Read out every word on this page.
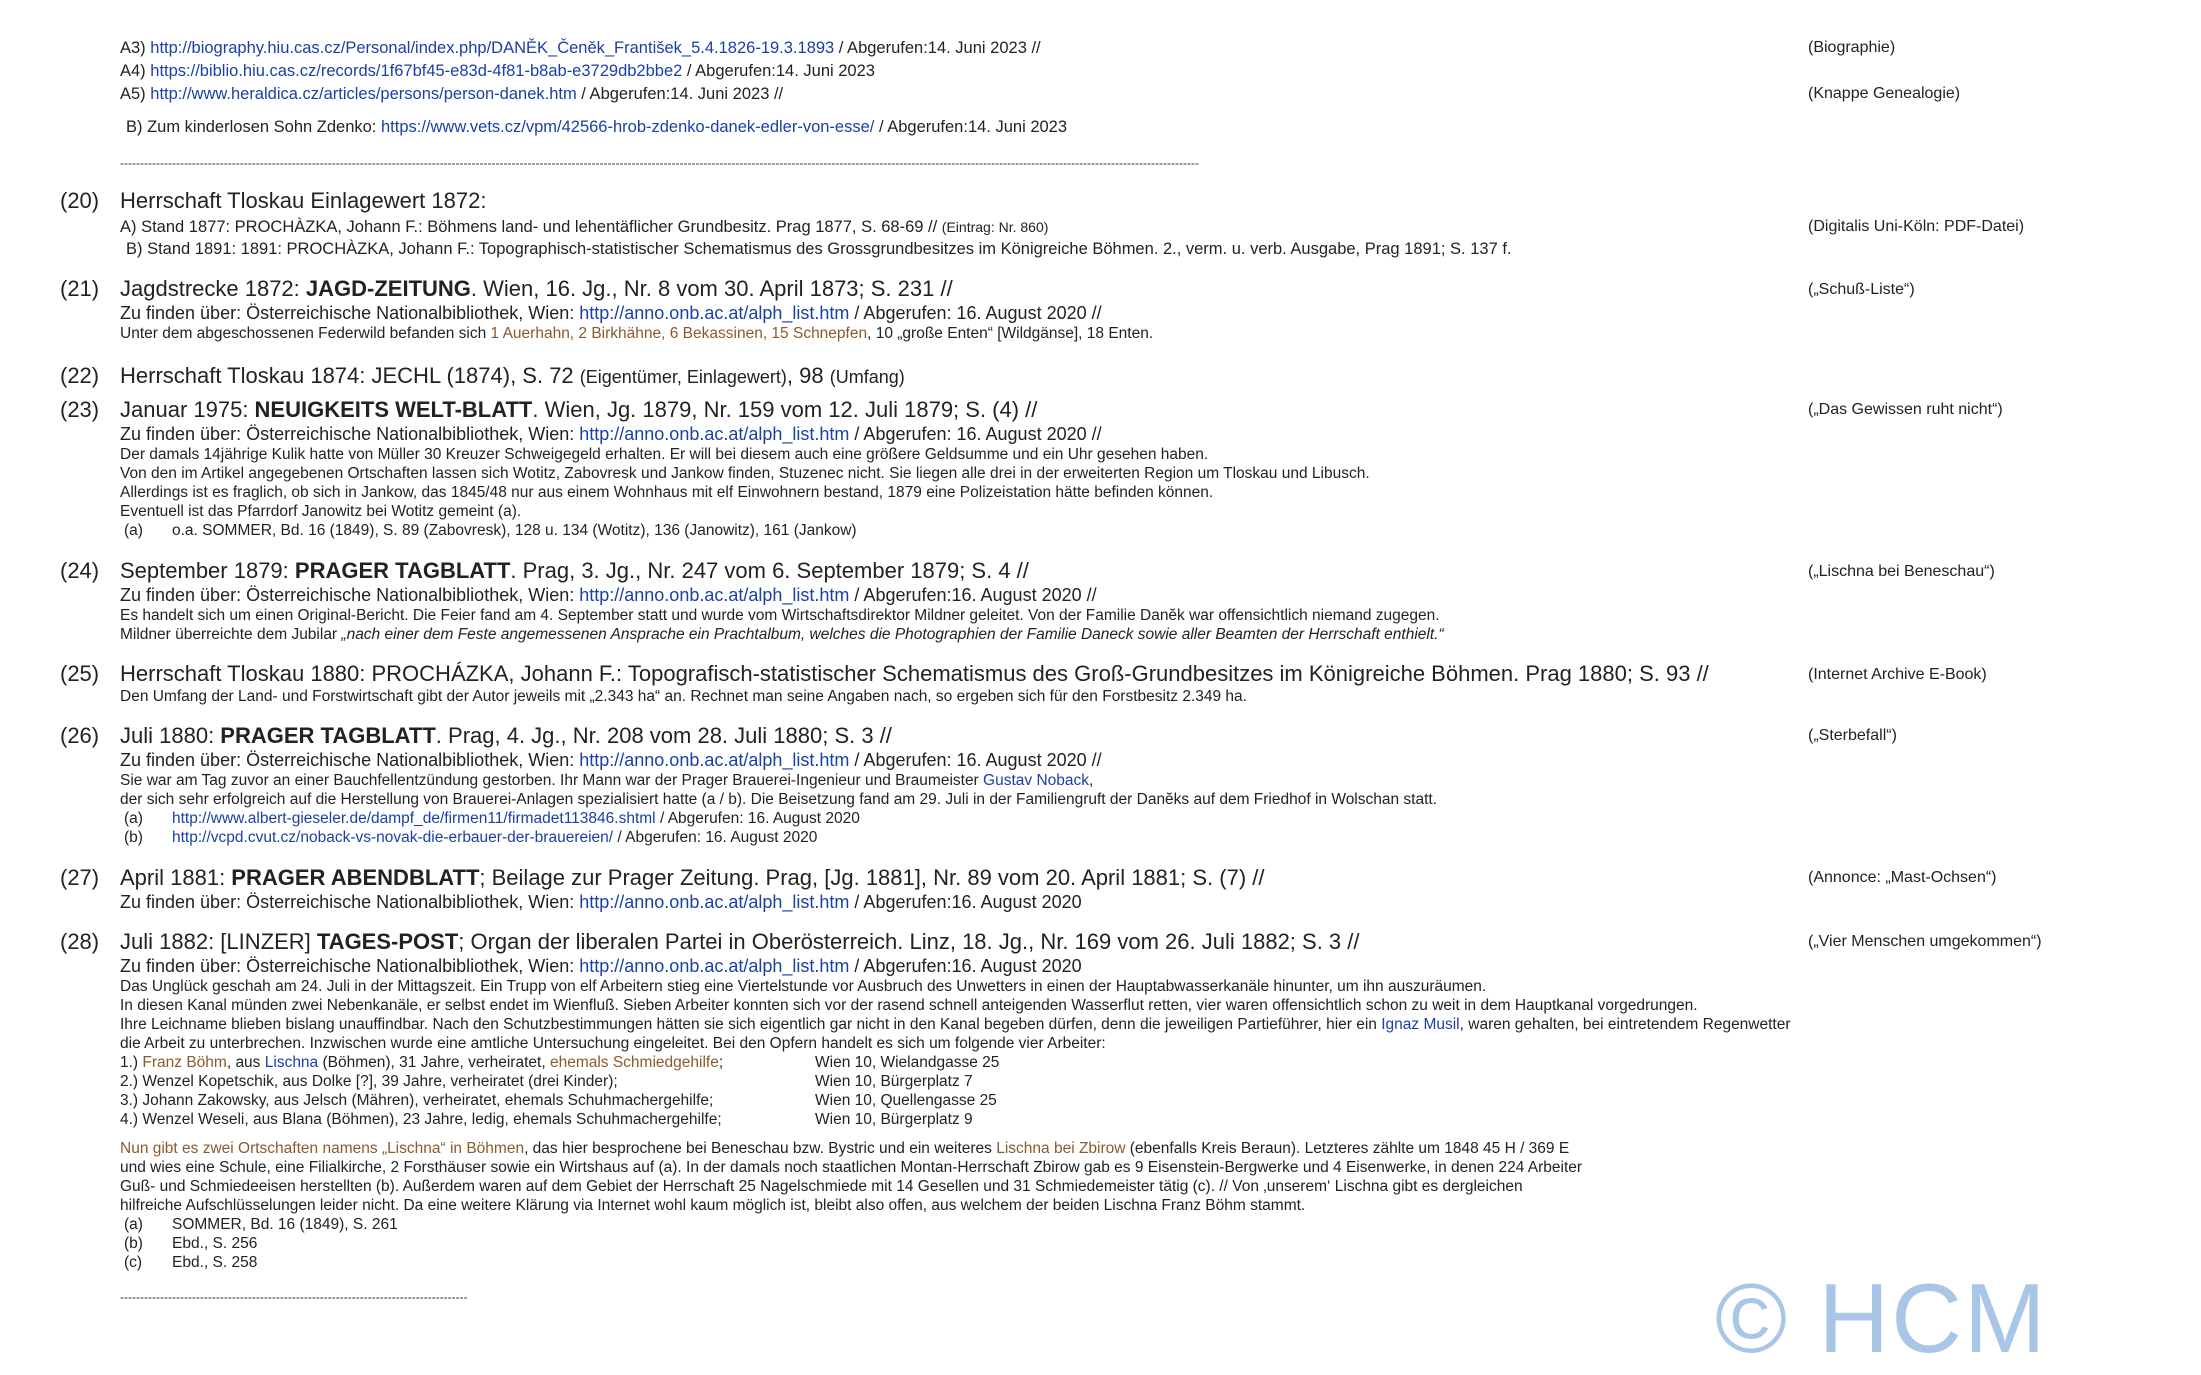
A3) http://biography.hiu.cas.cz/Personal/index.php/DANĚK_Čeněk_František_5.4.1826-19.3.1893 / Abgerufen:14. Juni 2023 //	(Biographie)
A4) https://biblio.hiu.cas.cz/records/1f67bf45-e83d-4f81-b8ab-e3729db2bbe2 / Abgerufen:14. Juni 2023
A5) http://www.heraldica.cz/articles/persons/person-danek.htm / Abgerufen:14. Juni 2023 //	(Knappe Genealogie)
B) Zum kinderlosen Sohn Zdenko: https://www.vets.cz/vpm/42566-hrob-zdenko-danek-edler-von-esse/ / Abgerufen:14. Juni 2023
------------------------------------------------------------------------------------------------------------------------------------------------------------------------------------------------------------------------------------------------------------------------------
(20) Herrschaft Tloskau Einlagewert 1872:
A) Stand 1877: PROCHÀZKA, Johann F.: Böhmens land- und lehentäflicher Grundbesitz. Prag 1877, S. 68-69 // (Eintrag: Nr. 860)	(Digitalis Uni-Köln: PDF-Datei)
B) Stand 1891: 1891: PROCHÀZKA, Johann F.: Topographisch-statistischer Schematismus des Grossgrundbesitzes im Königreiche Böhmen. 2., verm. u. verb. Ausgabe, Prag 1891; S. 137 f.
(21) Jagdstrecke 1872: JAGD-ZEITUNG. Wien, 16. Jg., Nr. 8 vom 30. April 1873; S. 231 //	(„Schuß-Liste“)
Zu finden über: Österreichische Nationalbibliothek, Wien: http://anno.onb.ac.at/alph_list.htm / Abgerufen: 16. August 2020 //
Unter dem abgeschossenen Federwild befanden sich 1 Auerhahn, 2 Birkhähne, 6 Bekassinen, 15 Schnepfen, 10 „große Enten“ [Wildgänse], 18 Enten.
(22) Herrschaft Tloskau 1874: JECHL (1874), S. 72 (Eigentümer, Einlagewert), 98 (Umfang)
(23) Januar 1975: NEUIGKEITS WELT-BLATT. Wien, Jg. 1879, Nr. 159 vom 12. Juli 1879; S. (4) //	(„Das Gewissen ruht nicht“)
Zu finden über: Österreichische Nationalbibliothek, Wien: http://anno.onb.ac.at/alph_list.htm / Abgerufen: 16. August 2020 //
Der damals 14jährige Kulik hatte von Müller 30 Kreuzer Schweigegeld erhalten. Er will bei diesem auch eine größere Geldsumme und ein Uhr gesehen haben.
Von den im Artikel angegebenen Ortschaften lassen sich Wotitz, Zabovresk und Jankow finden, Stuzenec nicht. Sie liegen alle drei in der erweiterten Region um Tloskau und Libusch.
Allerdings ist es fraglich, ob sich in Jankow, das 1845/48 nur aus einem Wohnhaus mit elf Einwohnern bestand, 1879 eine Polizeistation hätte befinden können.
Eventuell ist das Pfarrdorf Janowitz bei Wotitz gemeint (a).
(a) o.a. SOMMER, Bd. 16 (1849), S. 89 (Zabovresk), 128 u. 134 (Wotitz), 136 (Janowitz), 161 (Jankow)
(24) September 1879: PRAGER TAGBLATT. Prag, 3. Jg., Nr. 247 vom 6. September 1879; S. 4 //	(„Lischna bei Beneschau“)
Zu finden über: Österreichische Nationalbibliothek, Wien: http://anno.onb.ac.at/alph_list.htm / Abgerufen:16. August 2020 //
Es handelt sich um einen Original-Bericht. Die Feier fand am 4. September statt und wurde vom Wirtschaftsdirektor Mildner geleitet. Von der Familie Danĕk war offensichtlich niemand zugegen.
Mildner überreichte dem Jubilar „nach einer dem Feste angemessenen Ansprache ein Prachtalbum, welches die Photographien der Familie Daneck sowie aller Beamten der Herrschaft enthielt.“
(25) Herrschaft Tloskau 1880: PROCHÁZKA, Johann F.: Topografisch-statistischer Schematismus des Groß-Grundbesitzes im Königreiche Böhmen. Prag 1880; S. 93 //	(Internet Archive E-Book)
Den Umfang der Land- und Forstwirtschaft gibt der Autor jeweils mit „2.343 ha“ an. Rechnet man seine Angaben nach, so ergeben sich für den Forstbesitz 2.349 ha.
(26) Juli 1880: PRAGER TAGBLATT. Prag, 4. Jg., Nr. 208 vom 28. Juli 1880; S. 3 //	(„Sterbefall“)
Zu finden über: Österreichische Nationalbibliothek, Wien: http://anno.onb.ac.at/alph_list.htm / Abgerufen: 16. August 2020 //
Sie war am Tag zuvor an einer Bauchfellentzündung gestorben. Ihr Mann war der Prager Brauerei-Ingenieur und Braumeister Gustav Noback,
der sich sehr erfolgreich auf die Herstellung von Brauerei-Anlagen spezialisiert hatte (a / b). Die Beisetzung fand am 29. Juli in der Familiengruft der Danĕks auf dem Friedhof in Wolschan statt.
(a) http://www.albert-gieseler.de/dampf_de/firmen11/firmadet113846.shtml / Abgerufen: 16. August 2020
(b) http://vcpd.cvut.cz/noback-vs-novak-die-erbauer-der-brauereien/ / Abgerufen: 16. August 2020
(27) April 1881: PRAGER ABENDBLATT; Beilage zur Prager Zeitung. Prag, [Jg. 1881], Nr. 89 vom 20. April 1881; S. (7) //	(Annonce: „Mast-Ochsen“)
Zu finden über: Österreichische Nationalbibliothek, Wien: http://anno.onb.ac.at/alph_list.htm / Abgerufen:16. August 2020
(28) Juli 1882: [LINZER] TAGES-POST; Organ der liberalen Partei in Oberösterreich. Linz, 18. Jg., Nr. 169 vom 26. Juli 1882; S. 3 //	(„Vier Menschen umgekommen“)
Zu finden über: Österreichische Nationalbibliothek, Wien: http://anno.onb.ac.at/alph_list.htm / Abgerufen:16. August 2020
Das Unglück geschah am 24. Juli in der Mittagszeit. Ein Trupp von elf Arbeitern stieg eine Viertelstunde vor Ausbruch des Unwetters in einen der Hauptabwasserkanäle hinunter, um ihn auszuräumen.
In diesen Kanal münden zwei Nebenkanäle, er selbst endet im Wienfluß. Sieben Arbeiter konnten sich vor der rasend schnell anteigenden Wasserflut retten, vier waren offensichtlich schon zu weit in dem Hauptkanal vorgedrungen.
Ihre Leichname blieben bislang unauffindbar. Nach den Schutzbestimmungen hätten sie sich eigentlich gar nicht in den Kanal begeben dürfen, denn die jeweiligen Partieführer, hier ein Ignaz Musil, waren gehalten, bei eintretendem Regenwetter
die Arbeit zu unterbrechen. Inzwischen wurde eine amtliche Untersuchung eingeleitet. Bei den Opfern handelt es sich um folgende vier Arbeiter:
1.) Franz Böhm, aus Lischna (Böhmen), 31 Jahre, verheiratet, ehemals Schmiedgehilfe;	Wien 10, Wielandgasse 25
2.) Wenzel Kopetschik, aus Dolke [?], 39 Jahre, verheiratet (drei Kinder);	Wien 10, Bürgerplatz 7
3.) Johann Zakowsky, aus Jelsch (Mähren), verheiratet, ehemals Schuhmachergehilfe;	Wien 10, Quellengasse 25
4.) Wenzel Weseli, aus Blana (Böhmen), 23 Jahre, ledig, ehemals Schuhmachergehilfe;	Wien 10, Bürgerplatz 9
Nun gibt es zwei Ortschaften namens „Lischna“ in Böhmen, das hier besprochene bei Beneschau bzw. Bystric und ein weiteres Lischna bei Zbirow (ebenfalls Kreis Beraun). Letzteres zählte um 1848 45 H / 369 E
und wies eine Schule, eine Filialkirche, 2 Forsthäuser sowie ein Wirtshaus auf (a). In der damals noch staatlichen Montan-Herrschaft Zbirow gab es 9 Eisenstein-Bergwerke und 4 Eisenwerke, in denen 224 Arbeiter
Guß- und Schmiedeeisen herstellten (b). Außerdem waren auf dem Gebiet der Herrschaft 25 Nagelschmiede mit 14 Gesellen und 31 Schmiedemeister tätig (c). // Von ‚unserem‘ Lischna gibt es dergleichen
hilfreiche Aufschlüsselungen leider nicht. Da eine weitere Klärung via Internet wohl kaum möglich ist, bleibt also offen, aus welchem der beiden Lischna Franz Böhm stammt.
(a) SOMMER, Bd. 16 (1849), S. 261
(b) Ebd., S. 256
(c) Ebd., S. 258
---------------------------------------------------------------------------------------	© HCM
